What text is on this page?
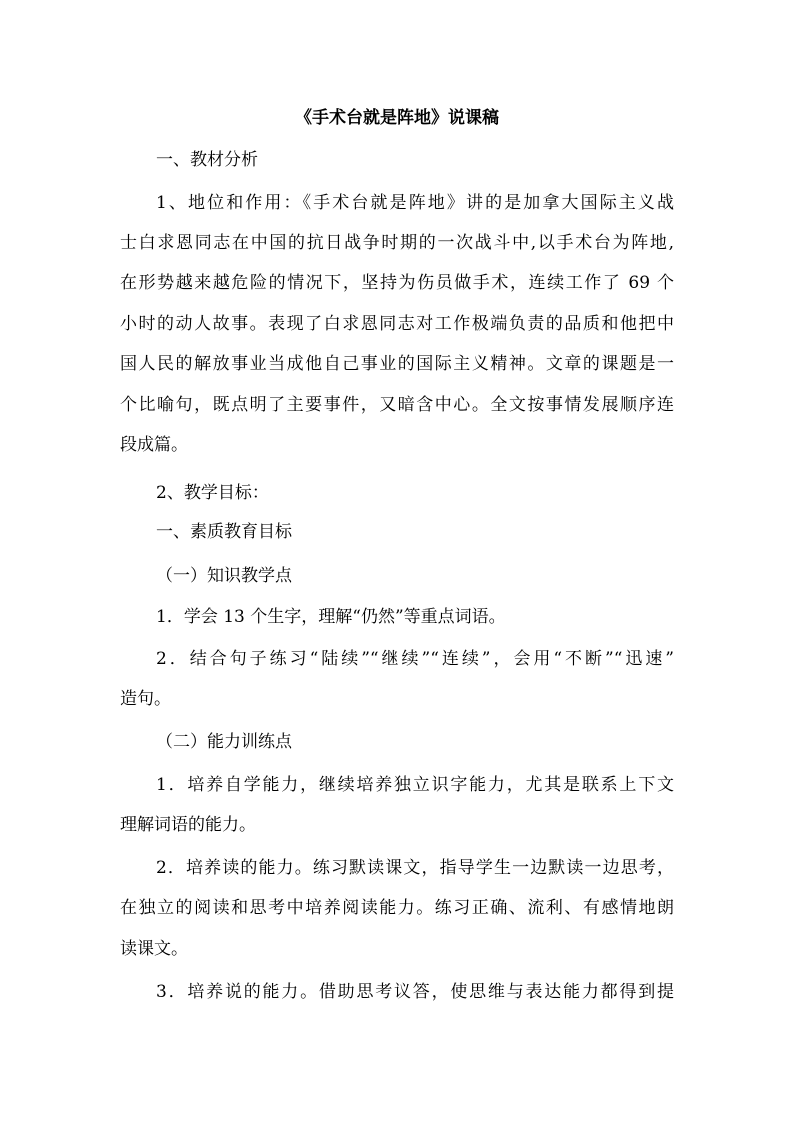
《手术台就是阵地》说课稿
一、教材分析
1、地位和作用：《手术台就是阵地》讲的是加拿大国际主义战
士白求恩同志在中国的抗日战争时期的一次战斗中,以手术台为阵地,
在形势越来越危险的情况下，坚持为伤员做手术，连续工作了 69 个
小时的动人故事。表现了白求恩同志对工作极端负责的品质和他把中
国人民的解放事业当成他自己事业的国际主义精神。文章的课题是一
个比喻句，既点明了主要事件，又暗含中心。全文按事情发展顺序连
段成篇。
2、教学目标：
一、素质教育目标
（一）知识教学点
1．学会 13 个生字，理解“仍然”等重点词语。
2．结合句子练习“陆续”“继续”“连续”，会用“不断”“迅速”
造句。
（二）能力训练点
1．培养自学能力，继续培养独立识字能力，尤其是联系上下文
理解词语的能力。
2．培养读的能力。练习默读课文，指导学生一边默读一边思考，
在独立的阅读和思考中培养阅读能力。练习正确、流利、有感情地朗
读课文。
3．培养说的能力。借助思考议答，使思维与表达能力都得到提
